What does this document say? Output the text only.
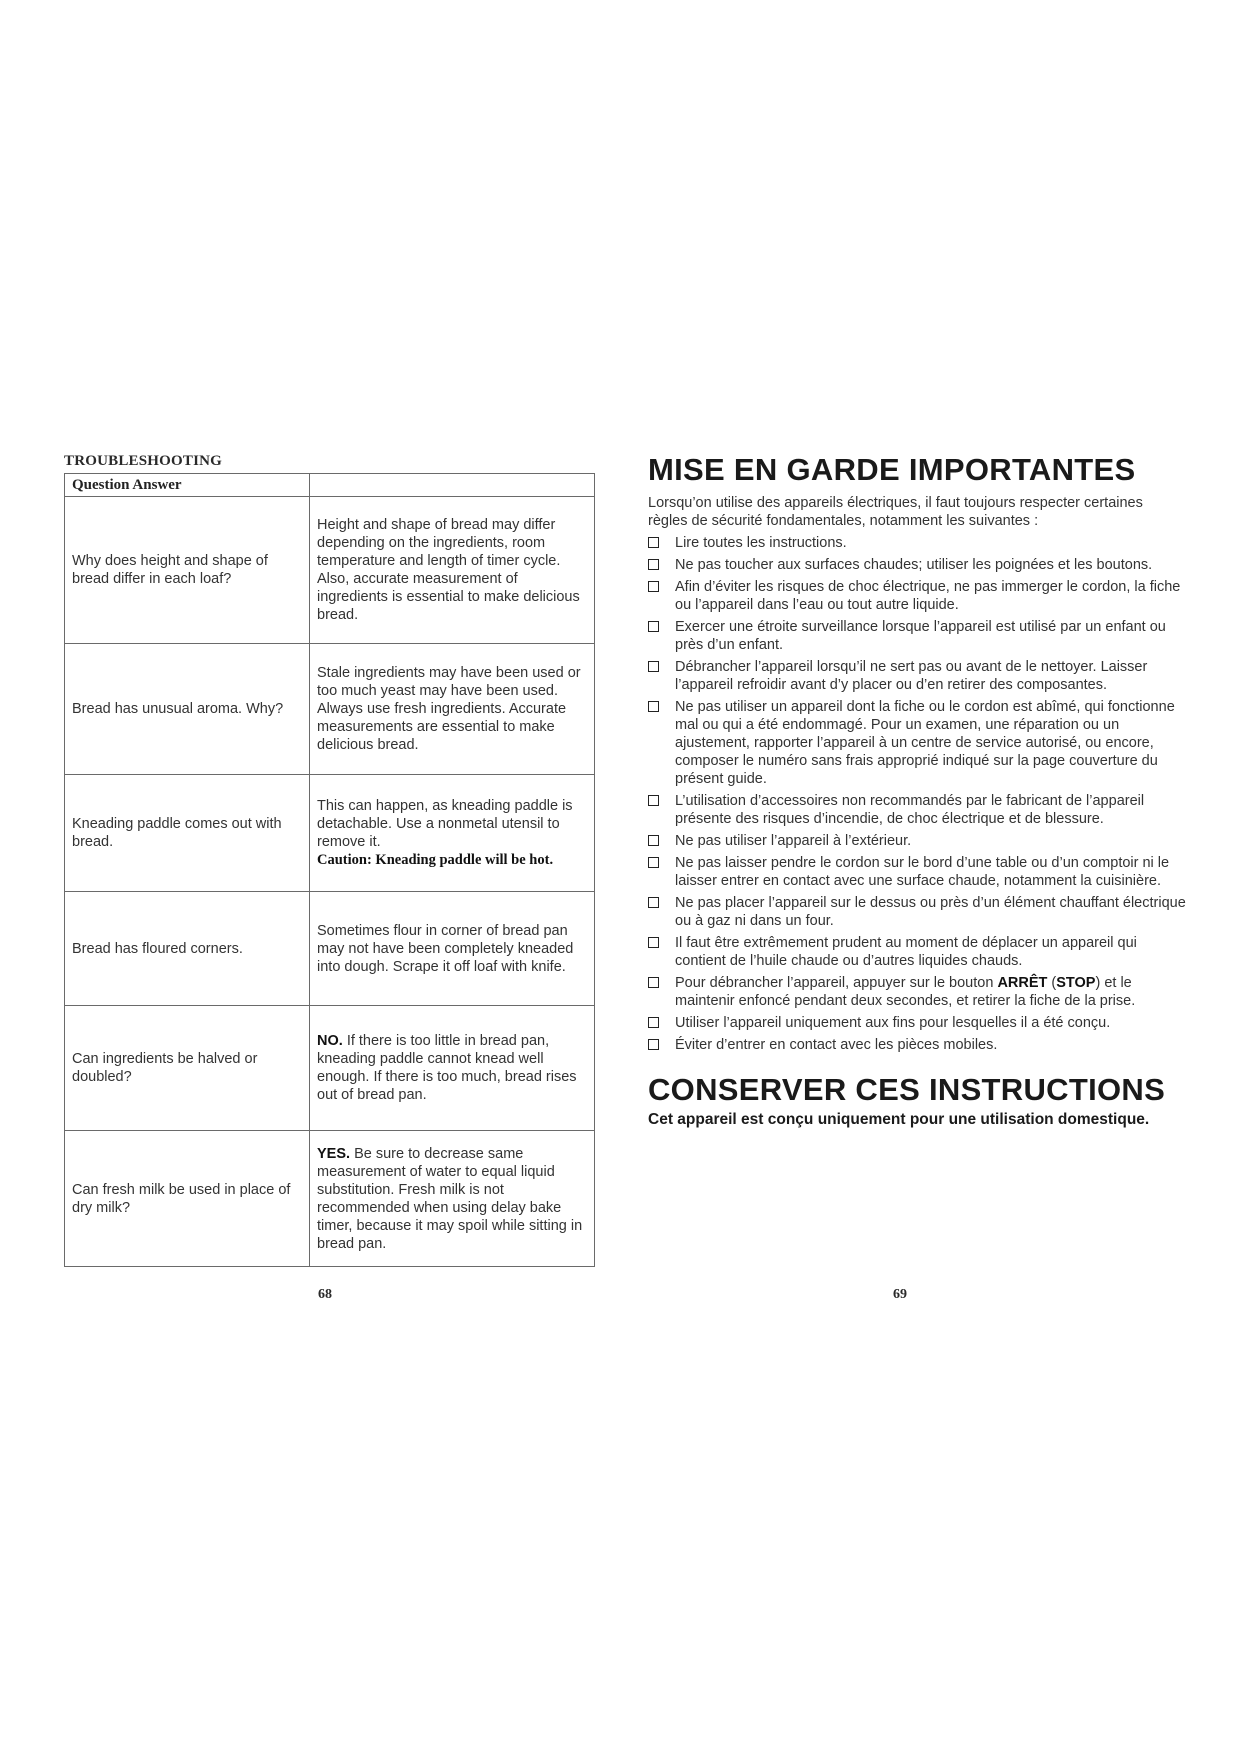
TROUBLESHOOTING
Question Answer	
Why does height and shape of bread differ in each loaf?	Height and shape of bread may differ depending on the ingredients, room temperature and length of timer cycle. Also, accurate measurement of ingredients is essential to make delicious bread.
Bread has unusual aroma. Why?	Stale ingredients may have been used or too much yeast may have been used. Always use fresh ingredients. Accurate measurements are essential to make delicious bread.
Kneading paddle comes out with bread.	This can happen, as kneading paddle is detachable. Use a nonmetal utensil to remove it.
Caution: Kneading paddle will be hot.
Bread has floured corners.	Sometimes flour in corner of bread pan may not have been completely kneaded into dough. Scrape it off loaf with knife.
Can ingredients be halved or doubled?	NO. If there is too little in bread pan, kneading paddle cannot knead well enough. If there is too much, bread rises out of bread pan.
Can fresh milk be used in place of dry milk?	YES. Be sure to decrease same measurement of water to equal liquid substitution. Fresh milk is not recommended when using delay bake timer, because it may spoil while sitting in bread pan.
68
MISE EN GARDE IMPORTANTES
Lorsqu’on utilise des appareils électriques, il faut toujours respecter certaines règles de sécurité fondamentales, notamment les suivantes :
Lire toutes les instructions.
Ne pas toucher aux surfaces chaudes; utiliser les poignées et les boutons.
Afin d’éviter les risques de choc électrique, ne pas immerger le cordon, la fiche ou l’appareil dans l’eau ou tout autre liquide.
Exercer une étroite surveillance lorsque l’appareil est utilisé par un enfant ou près d’un enfant.
Débrancher l’appareil lorsqu’il ne sert pas ou avant de le nettoyer. Laisser l’appareil refroidir avant d’y placer ou d’en retirer des composantes.
Ne pas utiliser un appareil dont la fiche ou le cordon est abîmé, qui fonctionne mal ou qui a été endommagé. Pour un examen, une réparation ou un ajustement, rapporter l’appareil à un centre de service autorisé, ou encore, composer le numéro sans frais approprié indiqué sur la page couverture du présent guide.
L’utilisation d’accessoires non recommandés par le fabricant de l’appareil présente des risques d’incendie, de choc électrique et de blessure.
Ne pas utiliser l’appareil à l’extérieur.
Ne pas laisser pendre le cordon sur le bord d’une table ou d’un comptoir ni le laisser entrer en contact avec une surface chaude, notamment la cuisinière.
Ne pas placer l’appareil sur le dessus ou près d’un élément chauffant électrique ou à gaz ni dans un four.
Il faut être extrêmement prudent au moment de déplacer un appareil qui contient de l’huile chaude ou d’autres liquides chauds.
Pour débrancher l’appareil, appuyer sur le bouton ARRÊT (STOP) et le maintenir enfoncé pendant deux secondes, et retirer la fiche de la prise.
Utiliser l’appareil uniquement aux fins pour lesquelles il a été conçu.
Éviter d’entrer en contact avec les pièces mobiles.
CONSERVER CES INSTRUCTIONS
Cet appareil est conçu uniquement pour une utilisation domestique.
69
